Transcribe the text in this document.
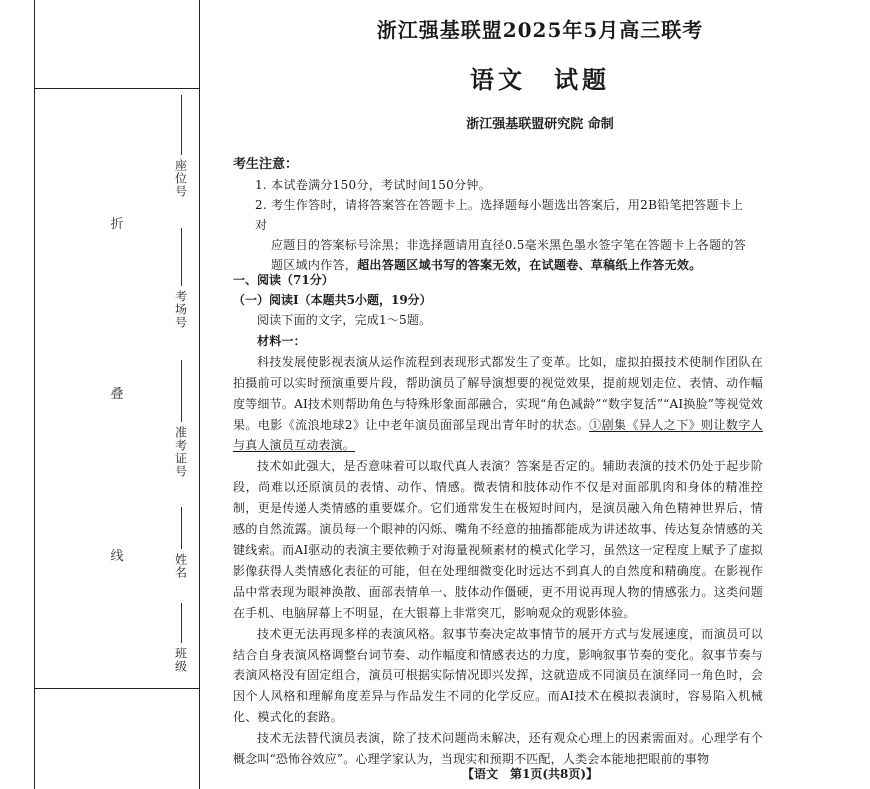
折
叠
线
座位号
考场号
准考证号
姓名
班级
浙江强基联盟2025年5月高三联考
语文　试题
浙江强基联盟研究院 命制
考生注意：
1. 本试卷满分150分，考试时间150分钟。
2. 考生作答时，请将答案答在答题卡上。选择题每小题选出答案后，用2B铅笔把答题卡上对
应题目的答案标号涂黑；非选择题请用直径0.5毫米黑色墨水签字笔在答题卡上各题的答
题区域内作答，超出答题区域书写的答案无效，在试题卷、草稿纸上作答无效。
一、阅读（71分）
（一）阅读Ⅰ（本题共5小题，19分）

阅读下面的文字，完成1～5题。

材料一：

科技发展使影视表演从运作流程到表现形式都发生了变革。比如，虚拟拍摄技术使制作团队在拍摄前可以实时预演重要片段，帮助演员了解导演想要的视觉效果，提前规划走位、表情、动作幅度等细节。AI技术则帮助角色与特殊形象面部融合，实现“角色减龄”“数字复活”“AI换脸”等视觉效果。电影《流浪地球2》让中老年演员面部呈现出青年时的状态。①剧集《异人之下》则让数字人与真人演员互动表演。

技术如此强大，是否意味着可以取代真人表演？答案是否定的。辅助表演的技术仍处于起步阶段，尚难以还原演员的表情、动作、情感。微表情和肢体动作不仅是对面部肌肉和身体的精准控制，更是传递人类情感的重要媒介。它们通常发生在极短时间内，是演员融入角色精神世界后，情感的自然流露。演员每一个眼神的闪烁、嘴角不经意的抽搐都能成为讲述故事、传达复杂情感的关键线索。而AI驱动的表演主要依赖于对海量视频素材的模式化学习，虽然这一定程度上赋予了虚拟影像获得人类情感化表征的可能，但在处理细微变化时远达不到真人的自然度和精确度。在影视作品中常表现为眼神涣散、面部表情单一、肢体动作僵硬，更不用说再现人物的情感张力。这类问题在手机、电脑屏幕上不明显，在大银幕上非常突兀，影响观众的观影体验。

技术更无法再现多样的表演风格。叙事节奏决定故事情节的展开方式与发展速度，而演员可以结合自身表演风格调整台词节奏、动作幅度和情感表达的力度，影响叙事节奏的变化。叙事节奏与表演风格没有固定组合，演员可根据实际情况即兴发挥，这就造成不同演员在演绎同一角色时，会因个人风格和理解角度差异与作品发生不同的化学反应。而AI技术在模拟表演时，容易陷入机械化、模式化的套路。

技术无法替代演员表演，除了技术问题尚未解决，还有观众心理上的因素需面对。心理学有个概念叫“恐怖谷效应”。心理学家认为，当现实和预期不匹配，人类会本能地把眼前的事物

【语文　第1页(共8页)】
